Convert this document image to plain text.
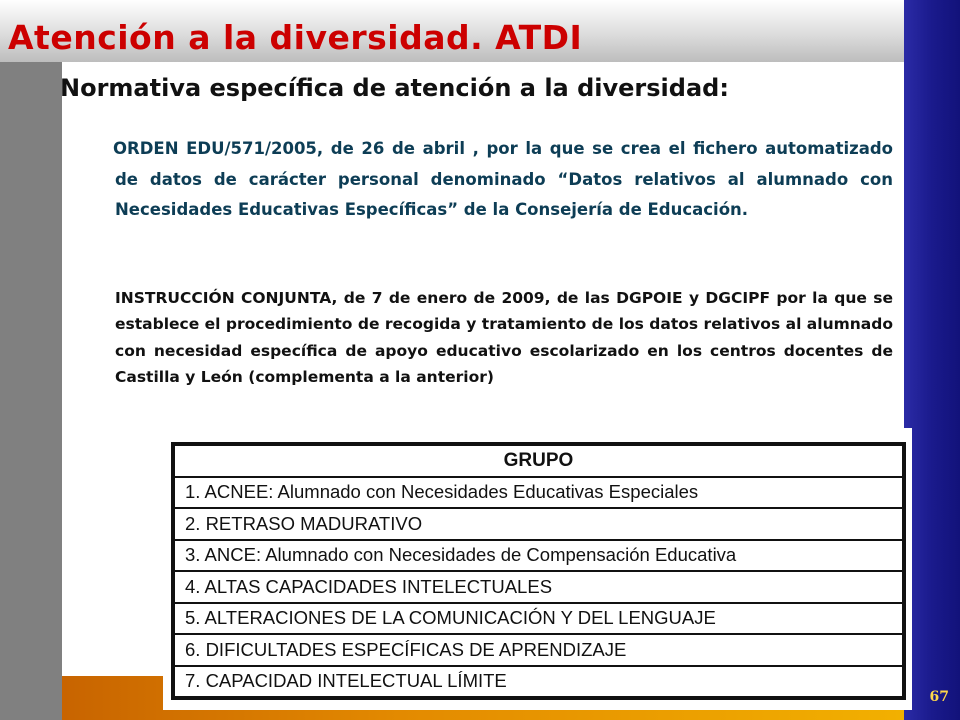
Atención a la diversidad. ATDI
Normativa específica de atención a la diversidad:

ORDEN EDU/571/2005, de 26 de abril , por la que se crea el fichero automatizado de datos de carácter personal denominado “Datos relativos al alumnado con Necesidades Educativas Específicas” de la Consejería de Educación.

INSTRUCCIÓN CONJUNTA, de 7 de enero de 2009, de las DGPOIE y DGCIPF por la que se establece el procedimiento de recogida y tratamiento de los datos relativos al alumnado con necesidad específica de apoyo educativo escolarizado en los centros docentes de Castilla y León (complementa a la anterior)

GRUPO
1. ACNEE: Alumnado con Necesidades Educativas Especiales
2. RETRASO MADURATIVO
3. ANCE: Alumnado con Necesidades de Compensación Educativa
4. ALTAS CAPACIDADES INTELECTUALES
5. ALTERACIONES DE LA COMUNICACIÓN Y DEL LENGUAJE
6. DIFICULTADES ESPECÍFICAS DE APRENDIZAJE
7. CAPACIDAD INTELECTUAL LÍMITE
67
